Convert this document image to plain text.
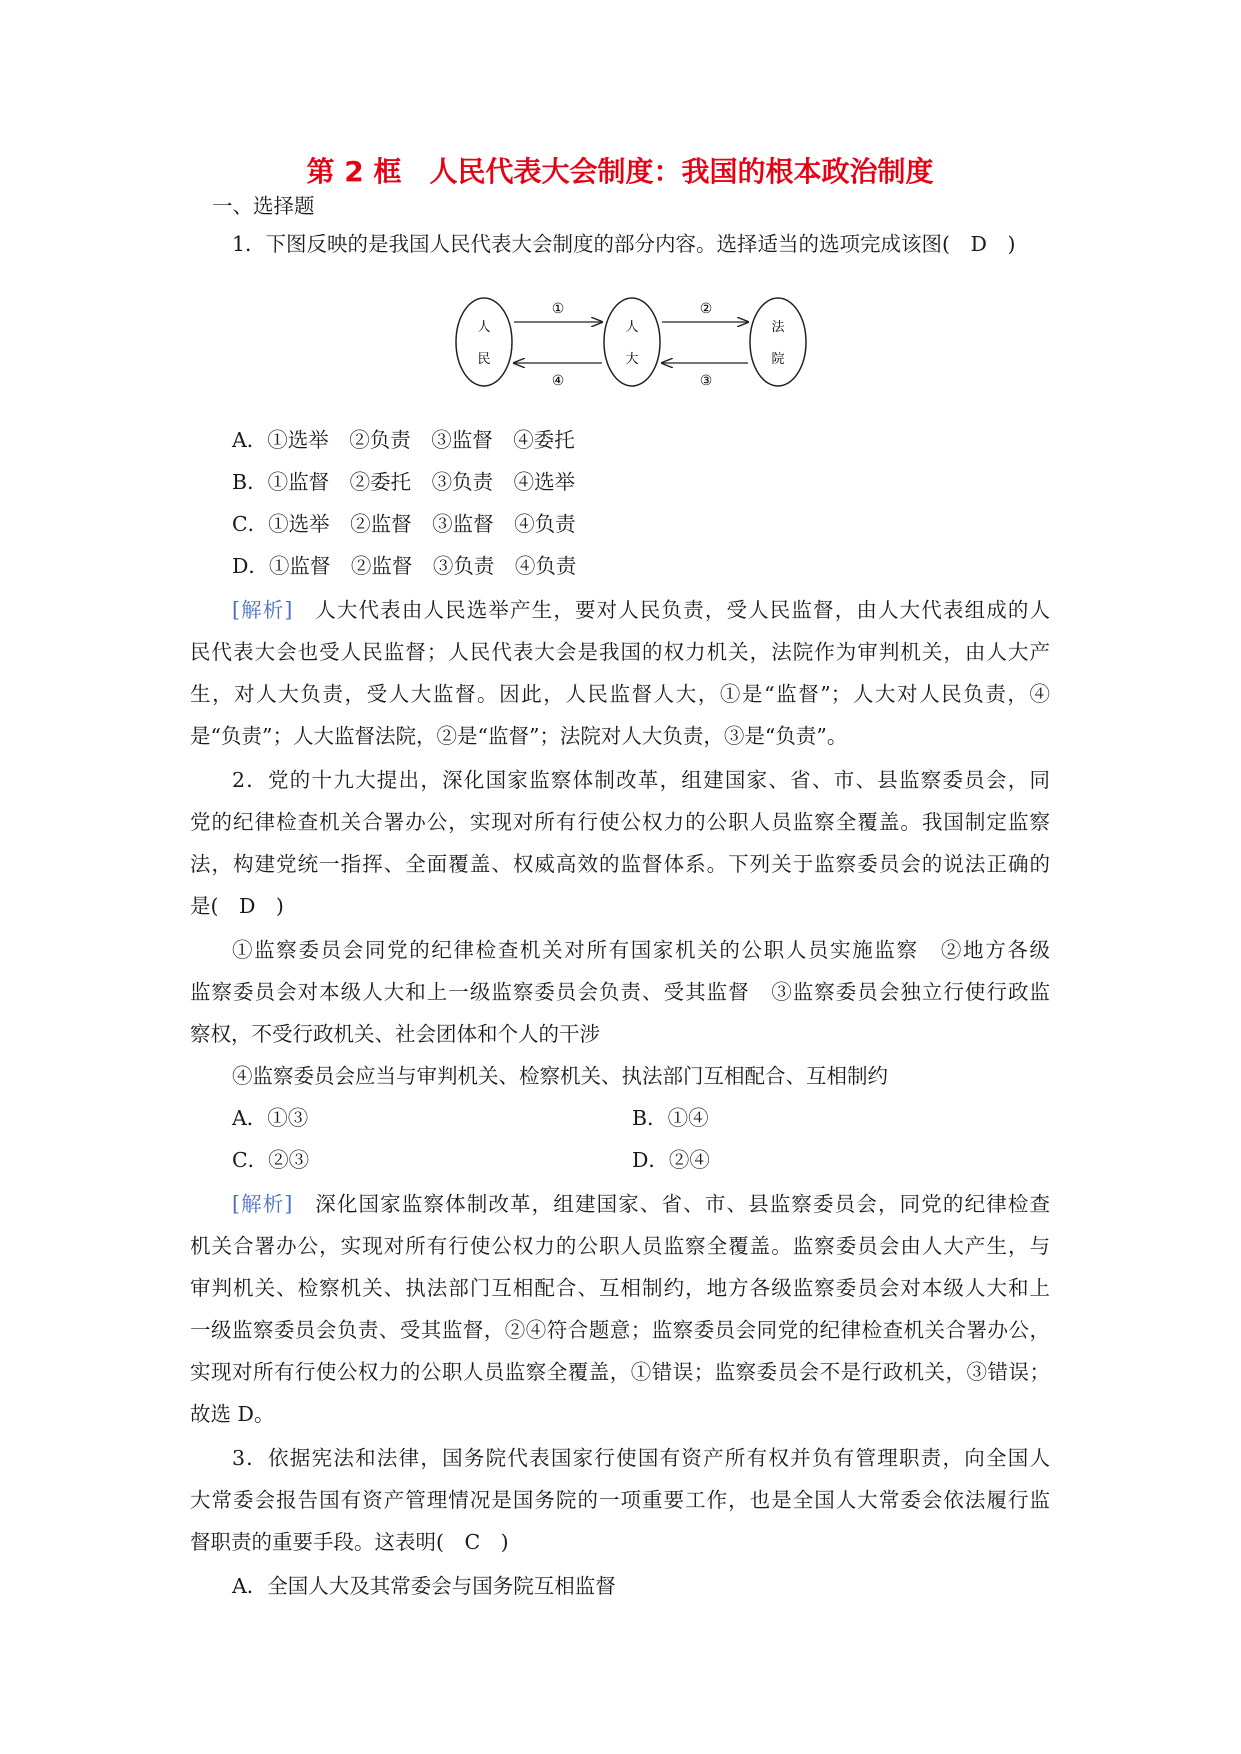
第 2 框　人民代表大会制度：我国的根本政治制度
一、选择题
1．下图反映的是我国人民代表大会制度的部分内容。选择适当的选项完成该图(　D　)
人
民
人
大
法
院
①	②
③
④
A．①选举　②负责　③监督　④委托
B．①监督　②委托　③负责　④选举
C．①选举　②监督　③监督　④负责
D．①监督　②监督　③负责　④负责
[解析]　 人大代表由人民选举产生，要对人民负责，受人民监督，由人大代表组成的人
民代表大会也受人民监督；人民代表大会是我国的权力机关，法院作为审判机关，由人大产
生，对人大负责，受人大监督。因此，人民监督人大，①是“监督”；人大对人民负责，④
是“负责”；人大监督法院，②是“监督”；法院对人大负责，③是“负责”。
2．党的十九大提出，深化国家监察体制改革，组建国家、省、市、县监察委员会，同
党的纪律检查机关合署办公，实现对所有行使公权力的公职人员监察全覆盖。我国制定监察
法，构建党统一指挥、全面覆盖、权威高效的监督体系。下列关于监察委员会的说法正确的
是(　D　)
①监察委员会同党的纪律检查机关对所有国家机关的公职人员实施监察　②地方各级
监察委员会对本级人大和上一级监察委员会负责、受其监督　③监察委员会独立行使行政监
察权，不受行政机关、社会团体和个人的干涉
④监察委员会应当与审判机关、检察机关、执法部门互相配合、互相制约
A．①③	B．①④
C．②③	D．②④
[解析]　 深化国家监察体制改革，组建国家、省、市、县监察委员会，同党的纪律检查
机关合署办公，实现对所有行使公权力的公职人员监察全覆盖。监察委员会由人大产生，与
审判机关、检察机关、执法部门互相配合、互相制约，地方各级监察委员会对本级人大和上
一级监察委员会负责、受其监督，②④符合题意；监察委员会同党的纪律检查机关合署办公，
实现对所有行使公权力的公职人员监察全覆盖，①错误；监察委员会不是行政机关，③错误；
故选 D。
3．依据宪法和法律，国务院代表国家行使国有资产所有权并负有管理职责，向全国人
大常委会报告国有资产管理情况是国务院的一项重要工作，也是全国人大常委会依法履行监
督职责的重要手段。这表明(　C　)
A．全国人大及其常委会与国务院互相监督
